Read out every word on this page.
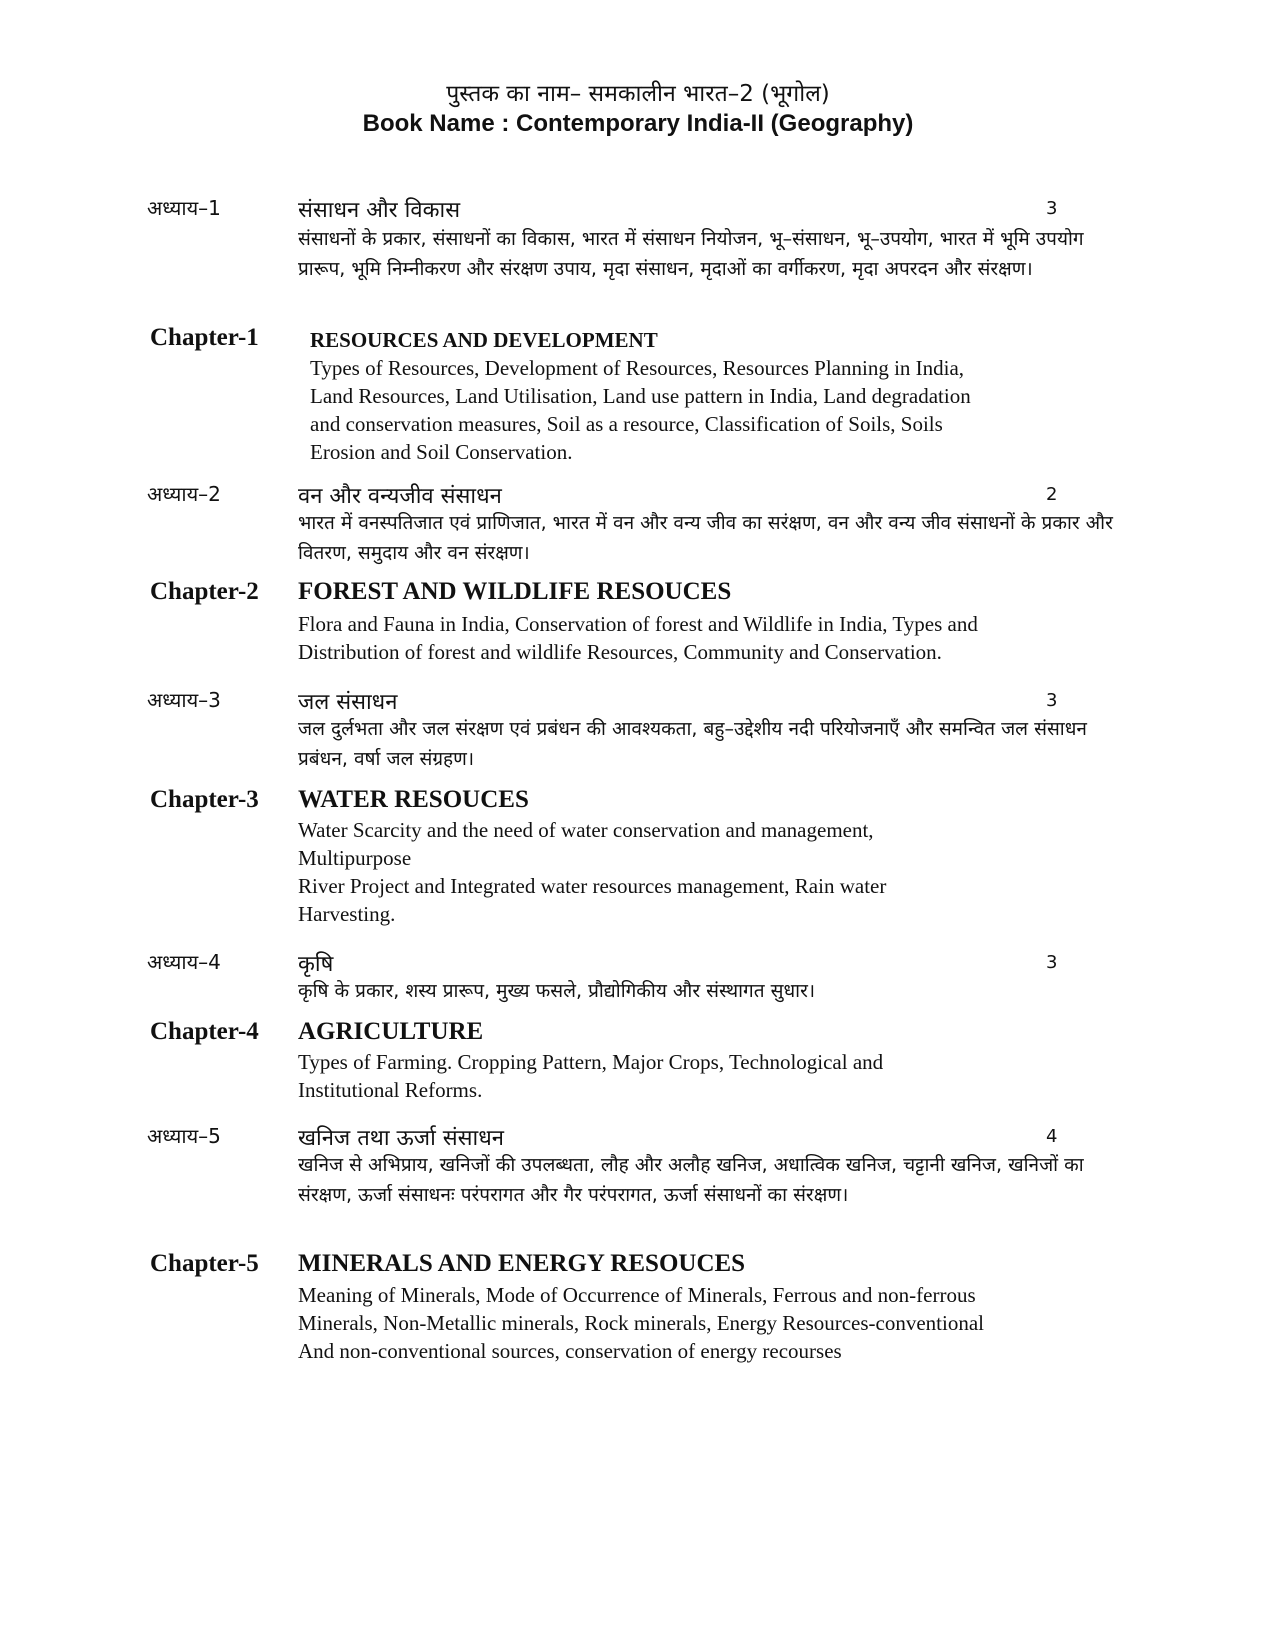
पुस्तक का नाम– समकालीन भारत–2 (भूगोल)
Book Name : Contemporary India-II (Geography)
अध्याय–1	संसाधन और विकास	3
संसाधनों के प्रकार, संसाधनों का विकास, भारत में संसाधन नियोजन, भू–संसाधन, भू–उपयोग, भारत में भूमि उपयोग प्रारूप, भूमि निम्नीकरण और संरक्षण उपाय, मृदा संसाधन, मृदाओं का वर्गीकरण, मृदा अपरदन और संरक्षण।
Chapter-1 RESOURCES AND DEVELOPMENT
Types of Resources, Development of Resources, Resources Planning in India,
Land Resources, Land Utilisation, Land use pattern in India, Land degradation
and conservation measures, Soil as a resource, Classification of Soils, Soils
Erosion and Soil Conservation.
अध्याय–2	वन और वन्यजीव संसाधन	2
भारत में वनस्पतिजात एवं प्राणिजात, भारत में वन और वन्य जीव का सरंक्षण, वन और वन्य जीव संसाधनों के प्रकार और वितरण, समुदाय और वन संरक्षण।
Chapter-2 FOREST AND WILDLIFE RESOUCES
Flora and Fauna in India, Conservation of forest and Wildlife in India, Types and
Distribution of forest and wildlife Resources, Community and Conservation.
अध्याय–3	जल संसाधन	3
जल दुर्लभता और जल संरक्षण एवं प्रबंधन की आवश्यकता, बहु–उद्देशीय नदी परियोजनाएँ और समन्वित जल संसाधन प्रबंधन, वर्षा जल संग्रहण।
Chapter-3 WATER RESOUCES
Water Scarcity and the need of water conservation and management,
Multipurpose
River Project and Integrated water resources management, Rain water
Harvesting.
अध्याय–4	कृषि	3
कृषि के प्रकार, शस्य प्रारूप, मुख्य फसले, प्रौद्योगिकीय और संस्थागत सुधार।
Chapter-4 AGRICULTURE
Types of Farming. Cropping Pattern, Major Crops, Technological and
Institutional Reforms.
अध्याय–5	खनिज तथा ऊर्जा संसाधन	4
खनिज से अभिप्राय, खनिजों की उपलब्धता, लौह और अलौह खनिज, अधात्विक खनिज, चट्टानी खनिज, खनिजों का संरक्षण, ऊर्जा संसाधनः परंपरागत और गैर परंपरागत, ऊर्जा संसाधनों का संरक्षण।
Chapter-5 MINERALS AND ENERGY RESOUCES
Meaning of Minerals, Mode of Occurrence of Minerals, Ferrous and non-ferrous
Minerals, Non-Metallic minerals, Rock minerals, Energy Resources-conventional
And non-conventional sources, conservation of energy recourses
